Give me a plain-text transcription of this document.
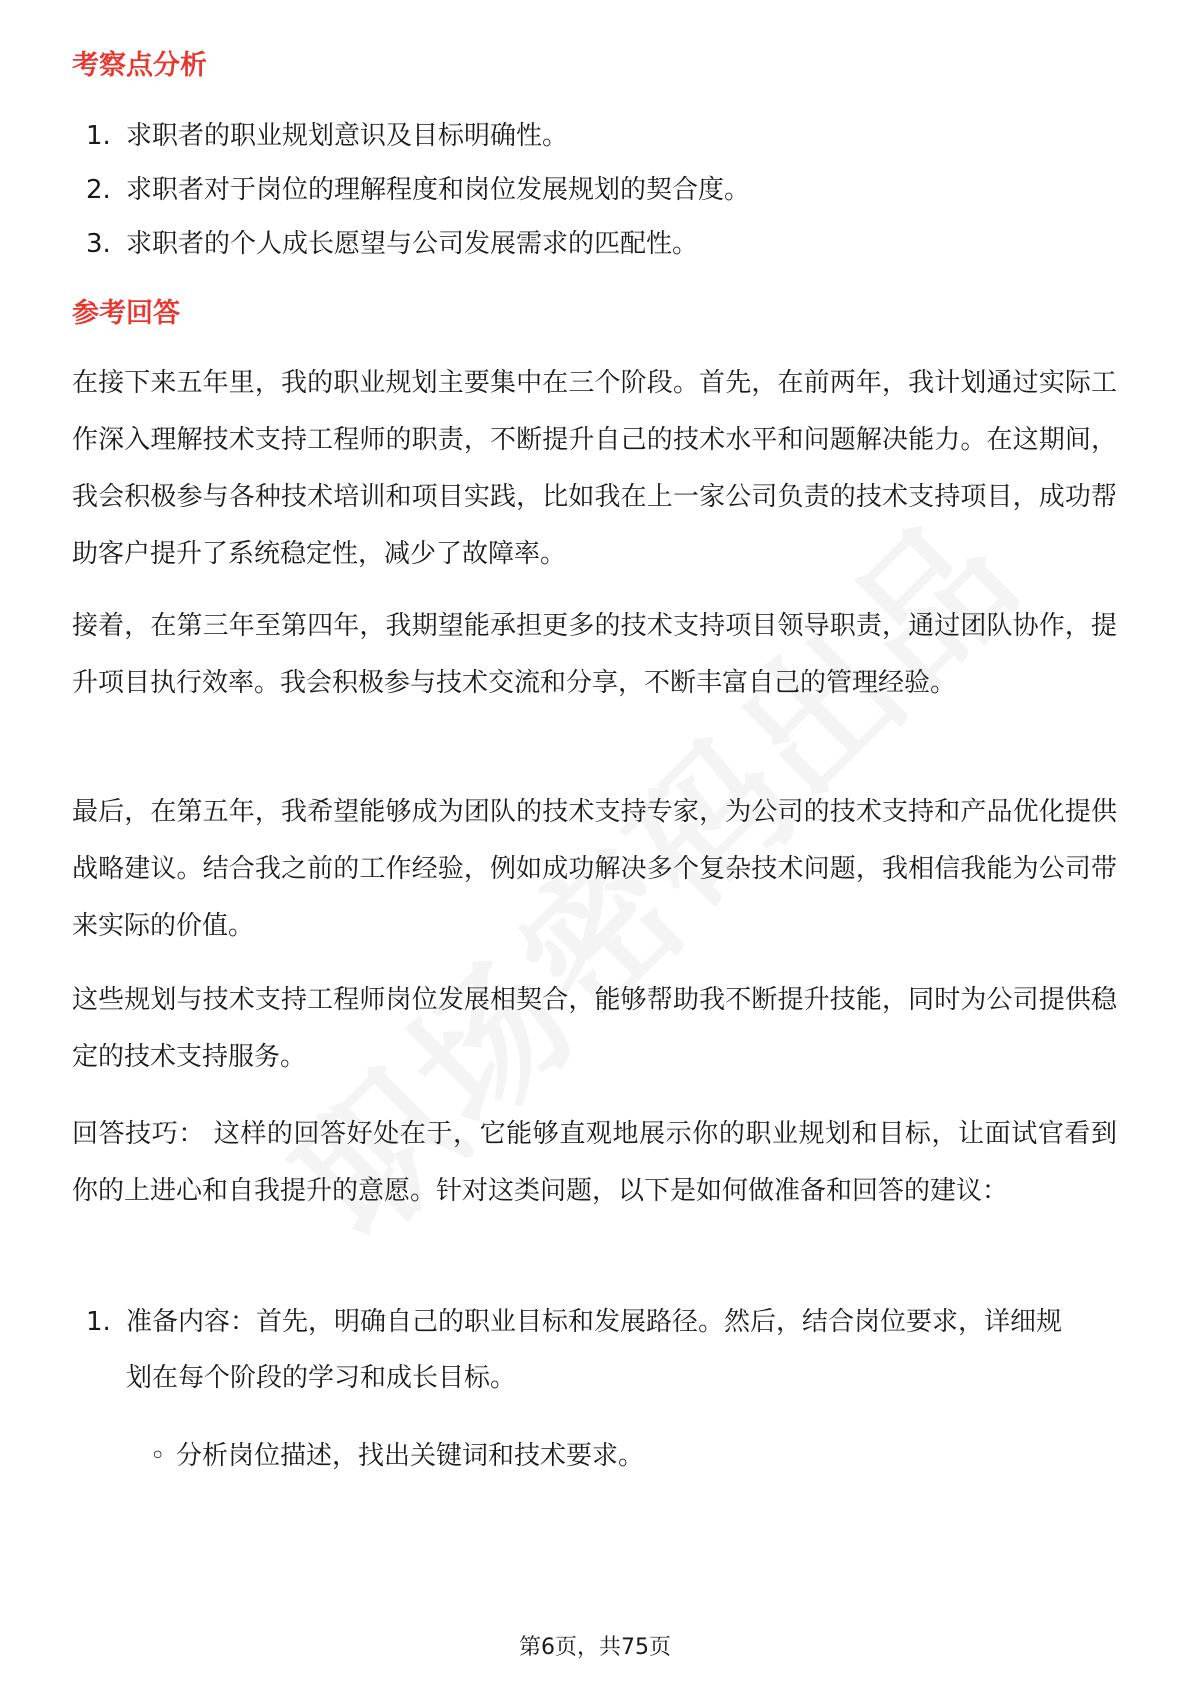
考察点分析
1. 求职者的职业规划意识及目标明确性。
2. 求职者对于岗位的理解程度和岗位发展规划的契合度。
3. 求职者的个人成长愿望与公司发展需求的匹配性。
参考回答

在接下来五年里，我的职业规划主要集中在三个阶段。首先，在前两年，我计划通过实际工作深入理解技术支持工程师的职责，不断提升自己的技术水平和问题解决能力。在这期间，我会积极参与各种技术培训和项目实践，比如我在上一家公司负责的技术支持项目，成功帮助客户提升了系统稳定性，减少了故障率。

接着，在第三年至第四年，我期望能承担更多的技术支持项目领导职责，通过团队协作，提升项目执行效率。我会积极参与技术交流和分享，不断丰富自己的管理经验。

最后，在第五年，我希望能够成为团队的技术支持专家，为公司的技术支持和产品优化提供战略建议。结合我之前的工作经验，例如成功解决多个复杂技术问题，我相信我能为公司带来实际的价值。

这些规划与技术支持工程师岗位发展相契合，能够帮助我不断提升技能，同时为公司提供稳定的技术支持服务。

回答技巧： 这样的回答好处在于，它能够直观地展示你的职业规划和目标，让面试官看到你的上进心和自我提升的意愿。针对这类问题，以下是如何做准备和回答的建议：

1. 准备内容：首先，明确自己的职业目标和发展路径。然后，结合岗位要求，详细规划在每个阶段的学习和成长目标。
◦ 分析岗位描述，找出关键词和技术要求。
第6页，共75页
